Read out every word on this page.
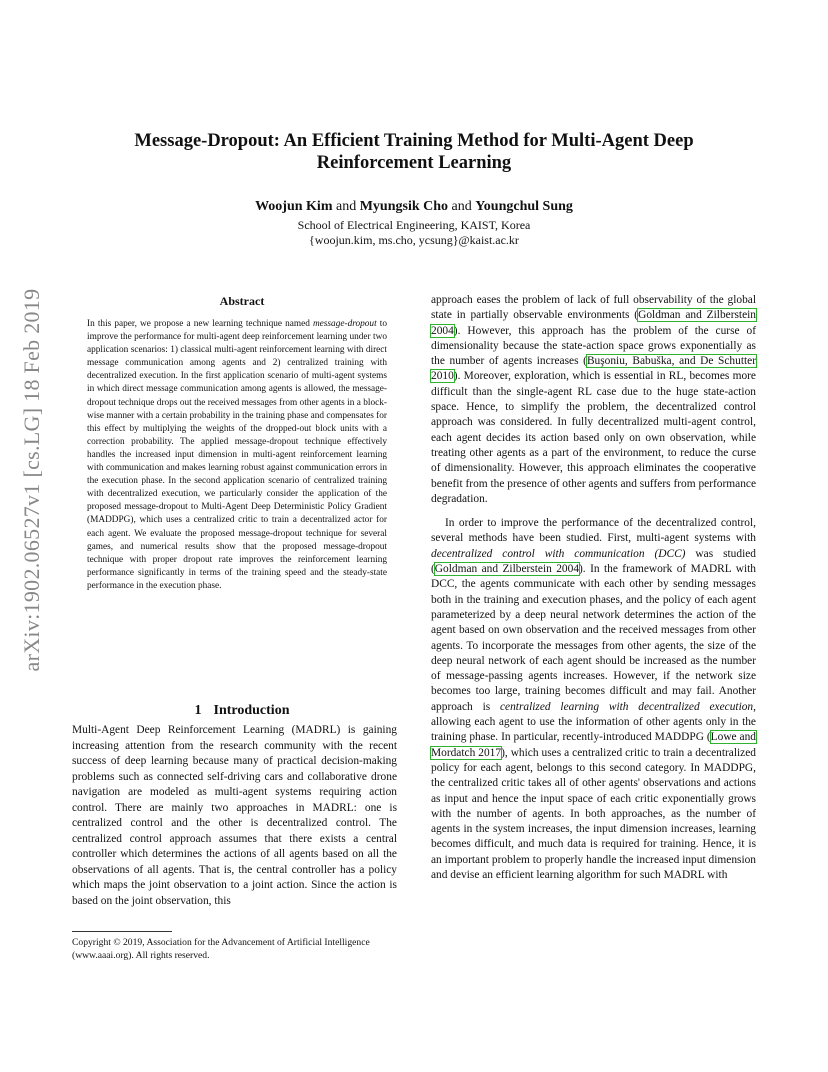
arXiv:1902.06527v1 [cs.LG] 18 Feb 2019
Message-Dropout: An Efficient Training Method for Multi-Agent Deep Reinforcement Learning
Woojun Kim and Myungsik Cho and Youngchul Sung
School of Electrical Engineering, KAIST, Korea
{woojun.kim, ms.cho, ycsung}@kaist.ac.kr
Abstract
In this paper, we propose a new learning technique named message-dropout to improve the performance for multi-agent deep reinforcement learning under two application scenarios: 1) classical multi-agent reinforcement learning with direct message communication among agents and 2) centralized training with decentralized execution. In the first application scenario of multi-agent systems in which direct message communication among agents is allowed, the message-dropout technique drops out the received messages from other agents in a block-wise manner with a certain probability in the training phase and compensates for this effect by multiplying the weights of the dropped-out block units with a correction probability. The applied message-dropout technique effectively handles the increased input dimension in multi-agent reinforcement learning with communication and makes learning robust against communication errors in the execution phase. In the second application scenario of centralized training with decentralized execution, we particularly consider the application of the proposed message-dropout to Multi-Agent Deep Deterministic Policy Gradient (MADDPG), which uses a centralized critic to train a decentralized actor for each agent. We evaluate the proposed message-dropout technique for several games, and numerical results show that the proposed message-dropout technique with proper dropout rate improves the reinforcement learning performance significantly in terms of the training speed and the steady-state performance in the execution phase.
1 Introduction
Multi-Agent Deep Reinforcement Learning (MADRL) is gaining increasing attention from the research community with the recent success of deep learning because many of practical decision-making problems such as connected self-driving cars and collaborative drone navigation are modeled as multi-agent systems requiring action control. There are mainly two approaches in MADRL: one is centralized control and the other is decentralized control. The centralized control approach assumes that there exists a central controller which determines the actions of all agents based on all the observations of all agents. That is, the central controller has a policy which maps the joint observation to a joint action. Since the action is based on the joint observation, this
Copyright © 2019, Association for the Advancement of Artificial Intelligence (www.aaai.org). All rights reserved.

approach eases the problem of lack of full observability of the global state in partially observable environments (Goldman and Zilberstein 2004). However, this approach has the problem of the curse of dimensionality because the state-action space grows exponentially as the number of agents increases (Buşoniu, Babuška, and De Schutter 2010). Moreover, exploration, which is essential in RL, becomes more difficult than the single-agent RL case due to the huge state-action space. Hence, to simplify the problem, the decentralized control approach was considered. In fully decentralized multi-agent control, each agent decides its action based only on own observation, while treating other agents as a part of the environment, to reduce the curse of dimensionality. However, this approach eliminates the cooperative benefit from the presence of other agents and suffers from performance degradation.

In order to improve the performance of the decentralized control, several methods have been studied. First, multi-agent systems with decentralized control with communication (DCC) was studied (Goldman and Zilberstein 2004). In the framework of MADRL with DCC, the agents communicate with each other by sending messages both in the training and execution phases, and the policy of each agent parameterized by a deep neural network determines the action of the agent based on own observation and the received messages from other agents. To incorporate the messages from other agents, the size of the deep neural network of each agent should be increased as the number of message-passing agents increases. However, if the network size becomes too large, training becomes difficult and may fail. Another approach is centralized learning with decentralized execution, allowing each agent to use the information of other agents only in the training phase. In particular, recently-introduced MADDPG (Lowe and Mordatch 2017), which uses a centralized critic to train a decentralized policy for each agent, belongs to this second category. In MADDPG, the centralized critic takes all of other agents' observations and actions as input and hence the input space of each critic exponentially grows with the number of agents. In both approaches, as the number of agents in the system increases, the input dimension increases, learning becomes difficult, and much data is required for training. Hence, it is an important problem to properly handle the increased input dimension and devise an efficient learning algorithm for such MADRL with
